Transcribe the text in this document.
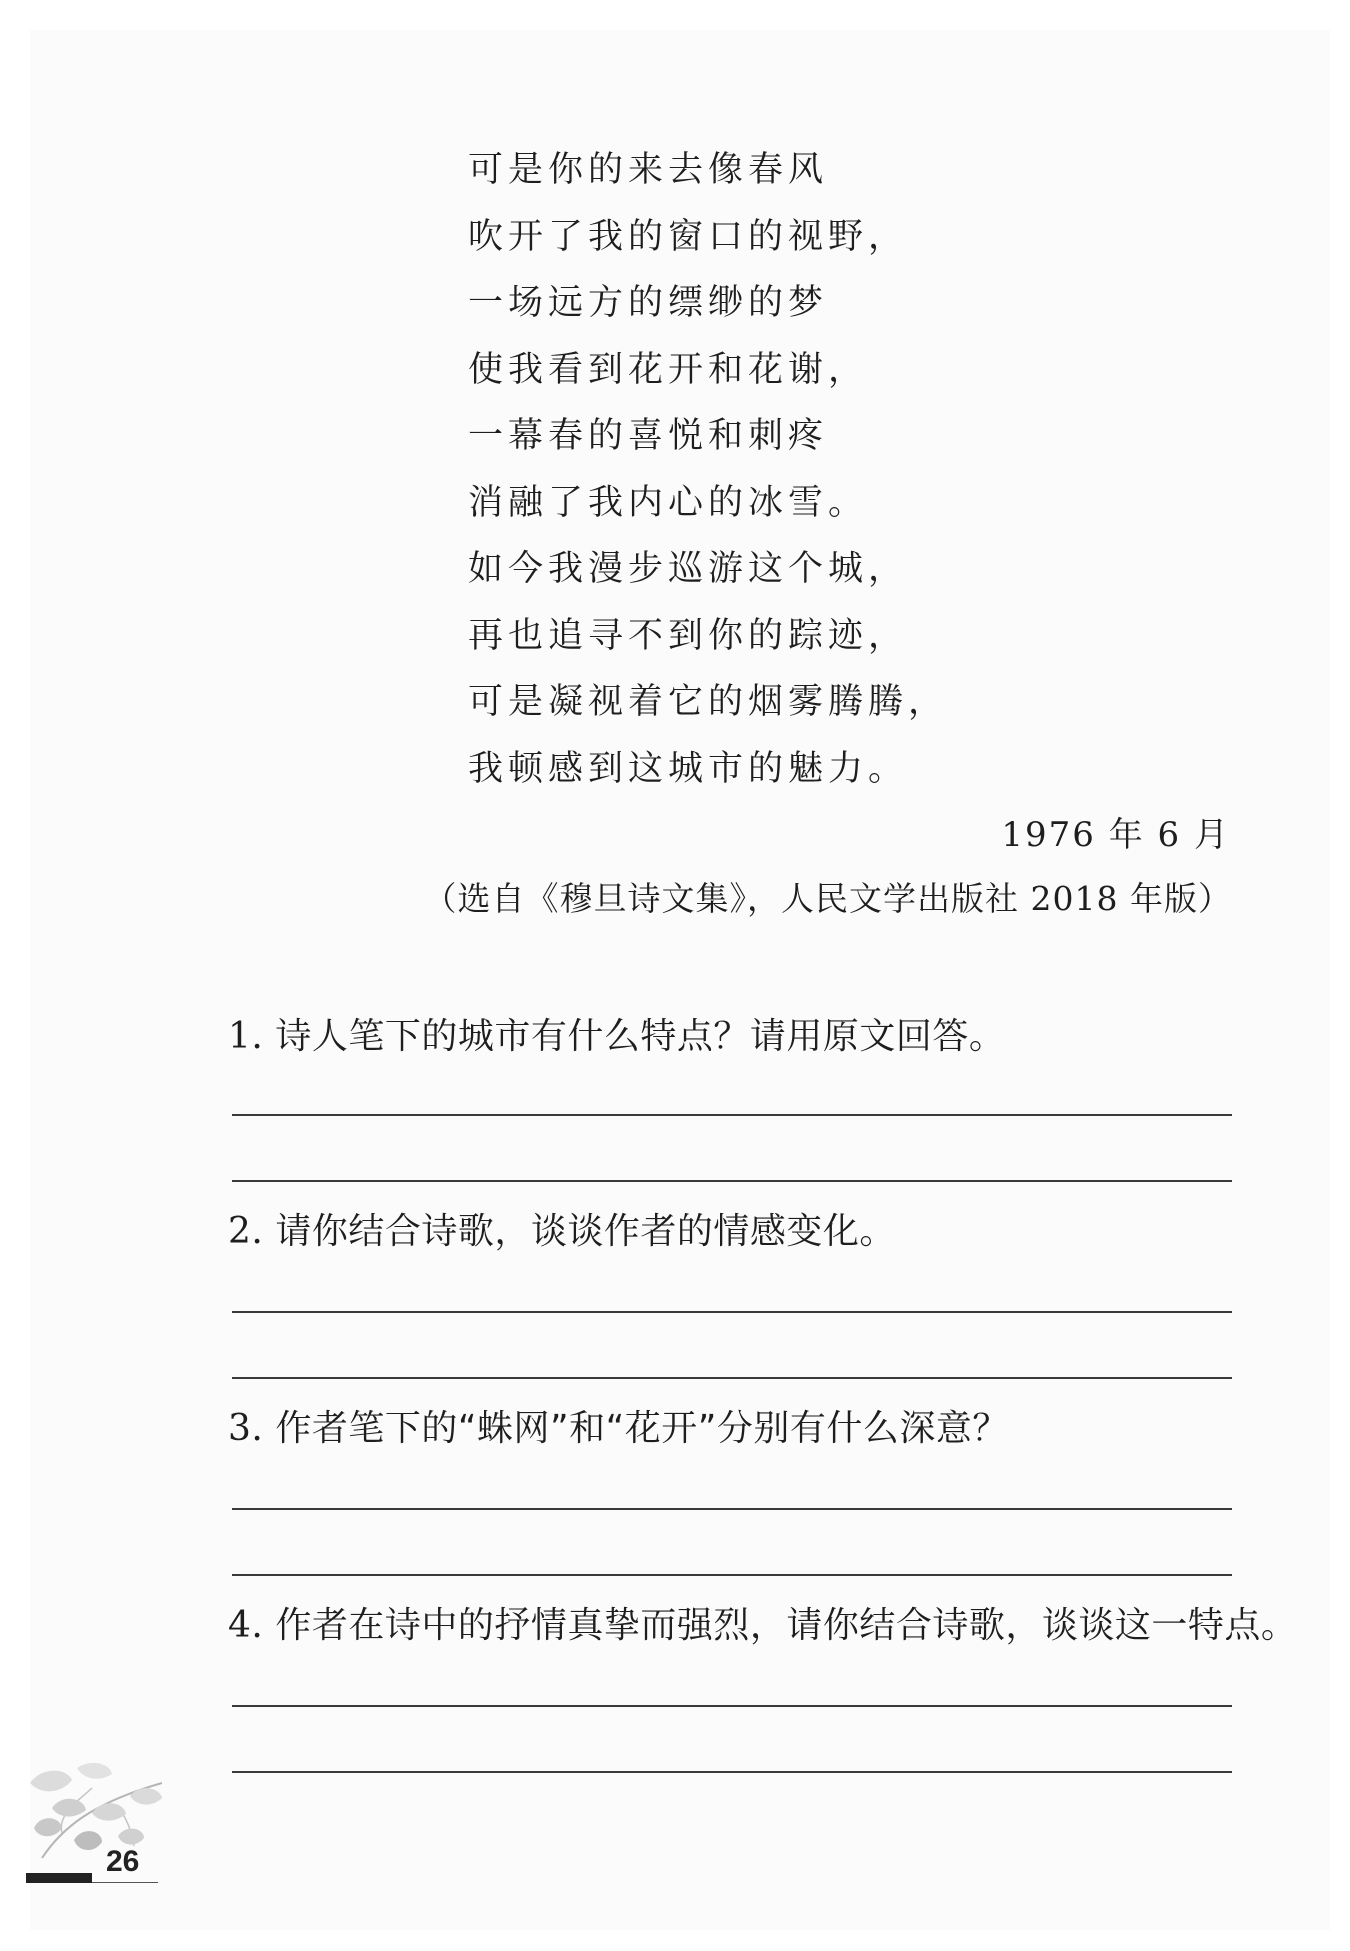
可是你的来去像春风
吹开了我的窗口的视野，
一场远方的缥缈的梦
使我看到花开和花谢，
一幕春的喜悦和刺疼
消融了我内心的冰雪。
如今我漫步巡游这个城，
再也追寻不到你的踪迹，
可是凝视着它的烟雾腾腾，
我顿感到这城市的魅力。
1976 年 6 月
（选自《穆旦诗文集》，人民文学出版社 2018 年版）
1. 诗人笔下的城市有什么特点？请用原文回答。
2. 请你结合诗歌，谈谈作者的情感变化。
3. 作者笔下的“蛛网”和“花开”分别有什么深意？
4. 作者在诗中的抒情真挚而强烈，请你结合诗歌，谈谈这一特点。
26
